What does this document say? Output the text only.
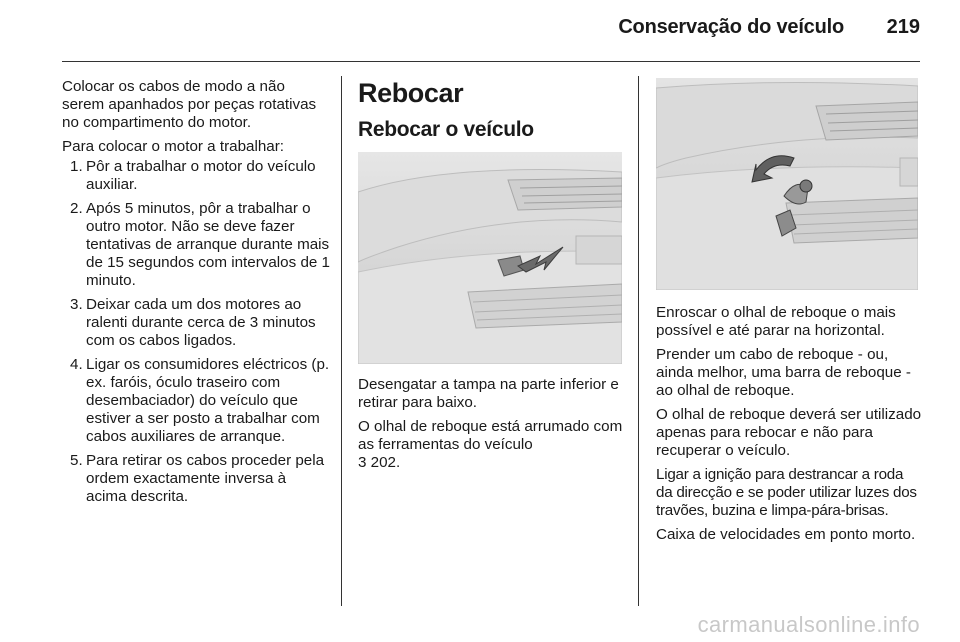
Conservação do veículo 219

Colocar os cabos de modo a não serem apanhados por peças rotativas no compartimento do motor.

Para colocar o motor a trabalhar:

1. Pôr a trabalhar o motor do veículo auxiliar.
2. Após 5 minutos, pôr a trabalhar o outro motor. Não se deve fazer tentativas de arranque durante mais de 15 segundos com intervalos de 1 minuto.
3. Deixar cada um dos motores ao ralenti durante cerca de 3 minutos com os cabos ligados.
4. Ligar os consumidores eléctricos (p. ex. faróis, óculo traseiro com desembaciador) do veículo que estiver a ser posto a trabalhar com cabos auxiliares de arranque.
5. Para retirar os cabos proceder pela ordem exactamente inversa à acima descrita.
Rebocar
Rebocar o veículo

Desengatar a tampa na parte inferior e retirar para baixo.

O olhal de reboque está arrumado com as ferramentas do veículo

3 202.

Enroscar o olhal de reboque o mais possível e até parar na horizontal.

Prender um cabo de reboque - ou, ainda melhor, uma barra de reboque - ao olhal de reboque.

O olhal de reboque deverá ser utilizado apenas para rebocar e não para recuperar o veículo.

Ligar a ignição para destrancar a roda da direcção e se poder utilizar luzes dos travões, buzina e limpa-pára-brisas.

Caixa de velocidades em ponto morto.

carmanualsonline.info
